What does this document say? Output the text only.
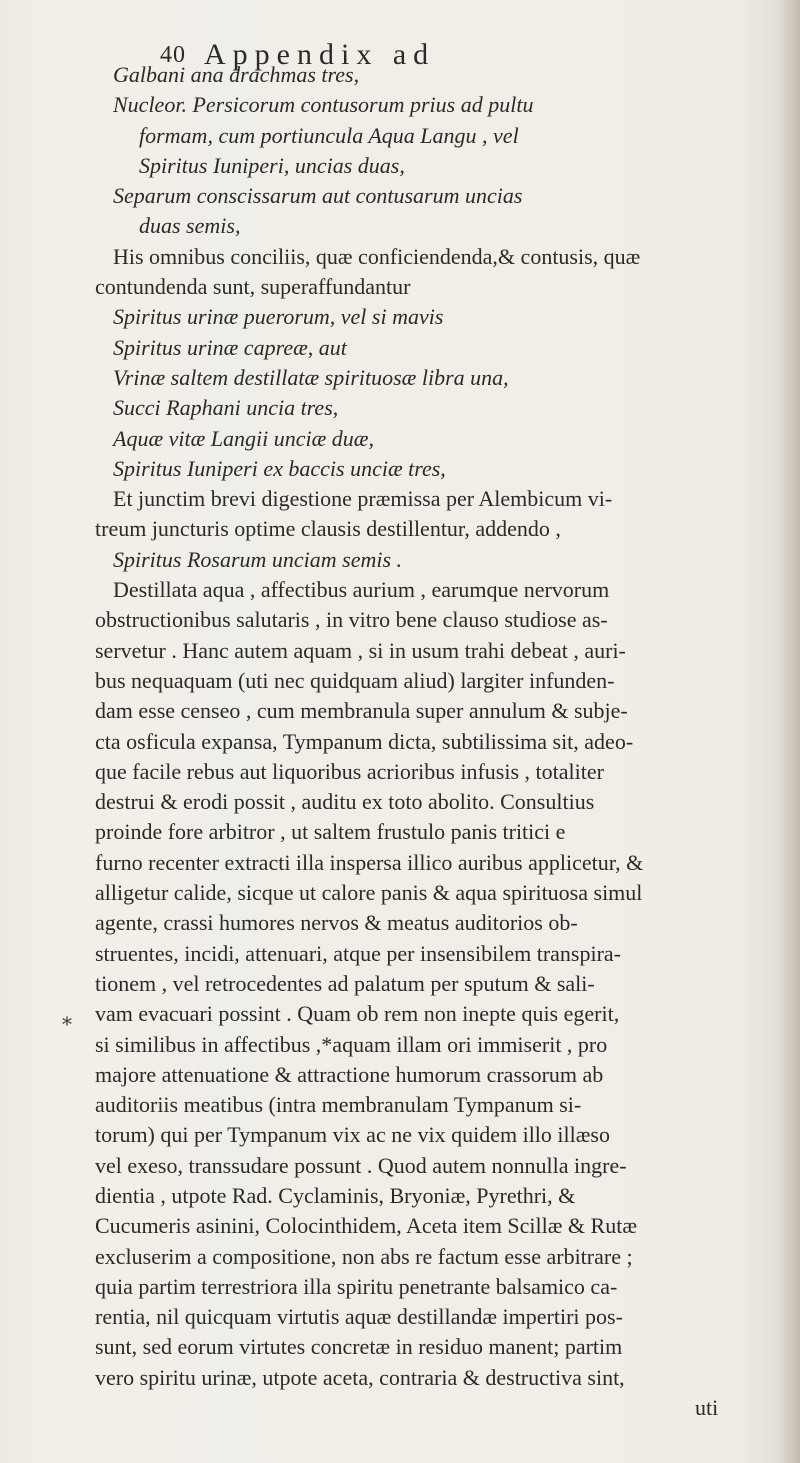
40 Appendix ad
*
Galbani ana drachmas tres,
Nucleor. Persicorum contusorum prius ad pultu
formam, cum portiuncula Aqua Langu , vel
Spiritus Iuniperi, uncias duas,
Separum conscissarum aut contusarum uncias
duas semis,
His omnibus conciliis, quæ conficiendenda,& contusis, quæ
contundenda sunt, superaffundantur
Spiritus urinæ puerorum, vel si mavis
Spiritus urinæ capreæ, aut
Vrinæ saltem destillatæ spirituosæ libra una,
Succi Raphani uncia tres,
Aquæ vitæ Langii unciæ duæ,
Spiritus Iuniperi ex baccis unciæ tres,
Et junctim brevi digestione præmissa per Alembicum vi-
treum juncturis optime clausis destillentur, addendo ,
Spiritus Rosarum unciam semis .
Destillata aqua , affectibus aurium , earumque nervorum
obstructionibus salutaris , in vitro bene clauso studiose as-
servetur . Hanc autem aquam , si in usum trahi debeat , auri-
bus nequaquam (uti nec quidquam aliud) largiter infunden-
dam esse censeo , cum membranula super annulum & subje-
cta osficula expansa, Tympanum dicta, subtilissima sit, adeo-
que facile rebus aut liquoribus acrioribus infusis , totaliter
destrui & erodi possit , auditu ex toto abolito. Consultius
proinde fore arbitror , ut saltem frustulo panis tritici e
furno recenter extracti illa inspersa illico auribus applicetur, &
alligetur calide, sicque ut calore panis & aqua spirituosa simul
agente, crassi humores nervos & meatus auditorios ob-
struentes, incidi, attenuari, atque per insensibilem transpira-
tionem , vel retrocedentes ad palatum per sputum & sali-
vam evacuari possint . Quam ob rem non inepte quis egerit,
si similibus in affectibus ,*aquam illam ori immiserit , pro
majore attenuatione & attractione humorum crassorum ab
auditoriis meatibus (intra membranulam Tympanum si-
torum) qui per Tympanum vix ac ne vix quidem illo illæso
vel exeso, transsudare possunt . Quod autem nonnulla ingre-
dientia , utpote Rad. Cyclaminis, Bryoniæ, Pyrethri, &
Cucumeris asinini, Colocinthidem, Aceta item Scillæ & Rutæ
excluserim a compositione, non abs re factum esse arbitrare ;
quia partim terrestriora illa spiritu penetrante balsamico ca-
rentia, nil quicquam virtutis aquæ destillandæ impertiri pos-
sunt, sed eorum virtutes concretæ in residuo manent; partim
vero spiritu urinæ, utpote aceta, contraria & destructiva sint,
uti
